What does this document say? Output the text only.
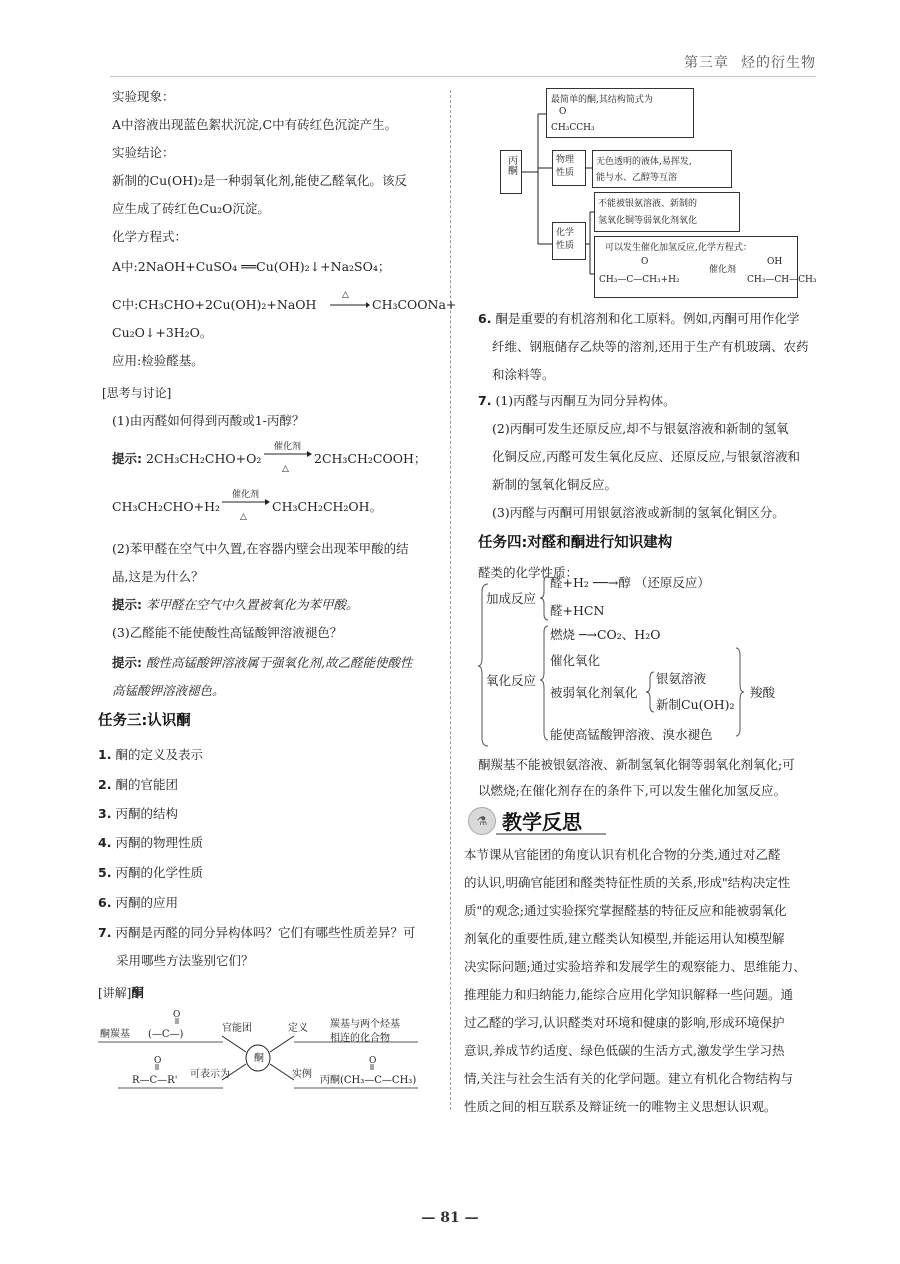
第三章 烃的衍生物
实验现象：
A中溶液出现蓝色絮状沉淀,C中有砖红色沉淀产生。
实验结论：
新制的Cu(OH)₂是一种弱氧化剂,能使乙醛氧化。该反
应生成了砖红色Cu₂O沉淀。
化学方程式：
A中:2NaOH+CuSO₄ ══Cu(OH)₂↓+Na₂SO₄；
C中:CH₃CHO+2Cu(OH)₂+NaOH →
△
CH₃COONa+
Cu₂O↓+3H₂O。
应用:检验醛基。
[思考与讨论]
(1)由丙醛如何得到丙酸或1-丙醇？
提示: 2CH₃CH₂CHO+O₂
催化剂
△
2CH₃CH₂COOH；
CH₃CH₂CHO+H₂
催化剂
△
CH₃CH₂CH₂OH。
(2)苯甲醛在空气中久置,在容器内壁会出现苯甲酸的结
晶,这是为什么？
提示: 苯甲醛在空气中久置被氧化为苯甲酸。
(3)乙醛能不能使酸性高锰酸钾溶液褪色？
提示: 酸性高锰酸钾溶液属于强氧化剂,故乙醛能使酸性
高锰酸钾溶液褪色。
任务三:认识酮
1. 酮的定义及表示
2. 酮的官能团
3. 丙酮的结构
4. 丙酮的物理性质
5. 丙酮的化学性质
6. 丙酮的应用
7. 丙酮是丙醛的同分异构体吗？它们有哪些性质差异？可
采用哪些方法鉴别它们？
[讲解]酮
酮
O
酮羰基 (—C—)
官能团	定义 羰基与两个烃基
相连的化合物
可表示为
O
R—C—R'
实例
O
丙酮(CH₃—C—CH₃)
丙酮
最简单的酮,其结构简式为
O
CH₃CCH₃
物理性质
无色透明的液体,易挥发,
能与水、乙醇等互溶
化学性质
不能被银氨溶液、新制的
氢氧化铜等弱氧化剂氧化
可以发生催化加氢反应,化学方程式：
O
CH₃—C—CH₃+H₂
催化剂
OH
CH₃—CH—CH₃
6. 酮是重要的有机溶剂和化工原料。例如,丙酮可用作化学
纤维、钢瓶储存乙炔等的溶剂,还用于生产有机玻璃、农药
和涂料等。
7. (1)丙醛与丙酮互为同分异构体。
(2)丙酮可发生还原反应,却不与银氨溶液和新制的氢氧
化铜反应,丙醛可发生氧化反应、还原反应,与银氨溶液和
新制的氢氧化铜反应。
(3)丙醛与丙酮可用银氨溶液或新制的氢氧化铜区分。
任务四:对醛和酮进行知识建构
醛类的化学性质：
加成反应
醛+H₂ ──→醇 （还原反应）
醛+HCN
氧化反应
燃烧 ─→CO₂、H₂O
催化氧化
被弱氧化剂氧化
银氨溶液
新制Cu(OH)₂
羧酸
能使高锰酸钾溶液、溴水褪色
酮羰基不能被银氨溶液、新制氢氧化铜等弱氧化剂氧化;可
以燃烧;在催化剂存在的条件下,可以发生催化加氢反应。
⚗ 教学反思
本节课从官能团的角度认识有机化合物的分类,通过对乙醛
的认识,明确官能团和醛类特征性质的关系,形成"结构决定性
质"的观念;通过实验探究掌握醛基的特征反应和能被弱氧化
剂氧化的重要性质,建立醛类认知模型,并能运用认知模型解
决实际问题;通过实验培养和发展学生的观察能力、思维能力、
推理能力和归纳能力,能综合应用化学知识解释一些问题。通
过乙醛的学习,认识醛类对环境和健康的影响,形成环境保护
意识,养成节约适度、绿色低碳的生活方式,激发学生学习热
情,关注与社会生活有关的化学问题。建立有机化合物结构与
性质之间的相互联系及辩证统一的唯物主义思想认识观。
— 81 —
